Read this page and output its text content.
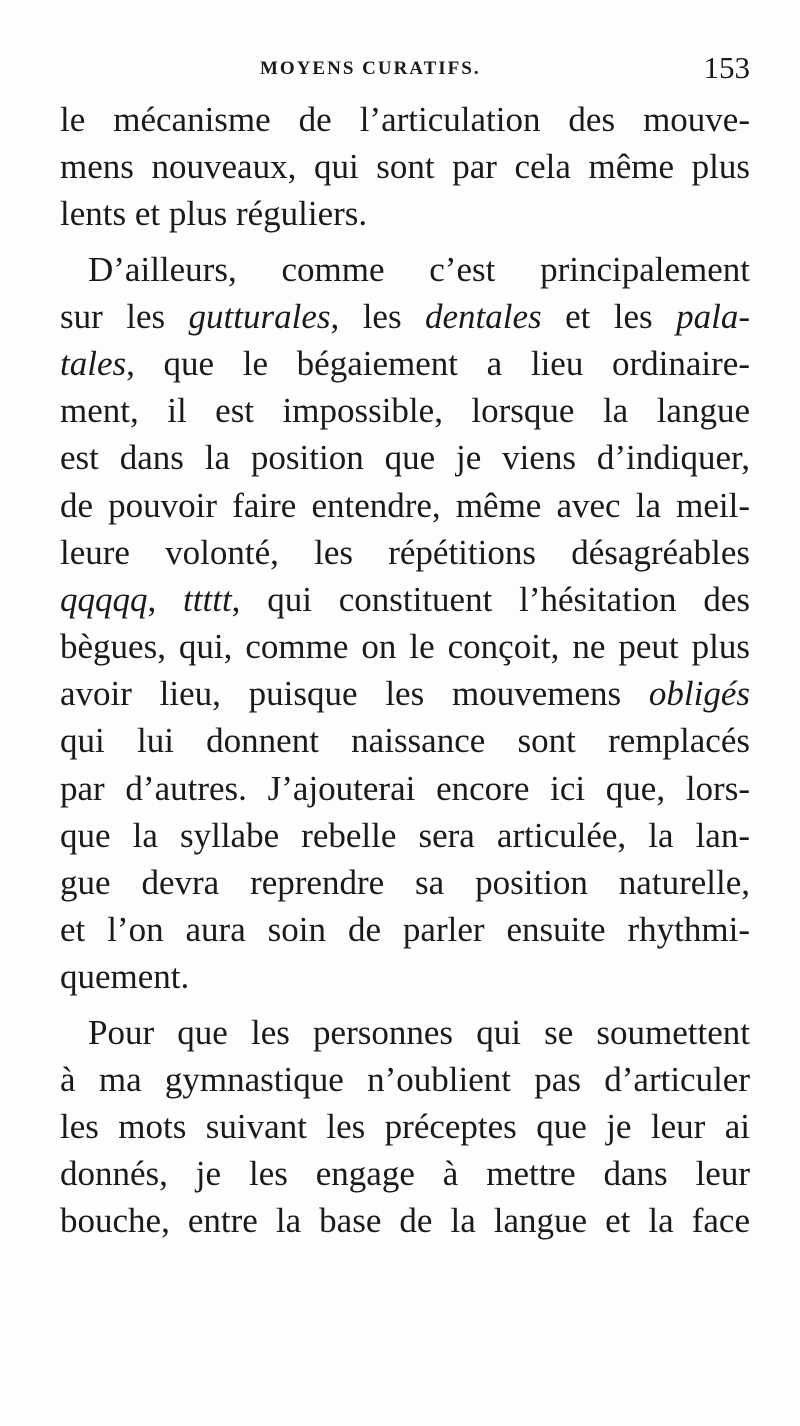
MOYENS CURATIFS.	153
le mécanisme de l’articulation des mouve-
mens nouveaux, qui sont par cela même plus
lents et plus réguliers.
D’ailleurs, comme c’est principalement
sur les gutturales, les dentales et les pala-
tales, que le bégaiement a lieu ordinaire-
ment, il est impossible, lorsque la langue
est dans la position que je viens d’indiquer,
de pouvoir faire entendre, même avec la meil-
leure volonté, les répétitions désagréables
qqqqq, ttttt, qui constituent l’hésitation des
bègues, qui, comme on le conçoit, ne peut plus
avoir lieu, puisque les mouvemens obligés
qui lui donnent naissance sont remplacés
par d’autres. J’ajouterai encore ici que, lors-
que la syllabe rebelle sera articulée, la lan-
gue devra reprendre sa position naturelle,
et l’on aura soin de parler ensuite rhythmi-
quement.
Pour que les personnes qui se soumettent
à ma gymnastique n’oublient pas d’articuler
les mots suivant les préceptes que je leur ai
donnés, je les engage à mettre dans leur
bouche, entre la base de la langue et la face
